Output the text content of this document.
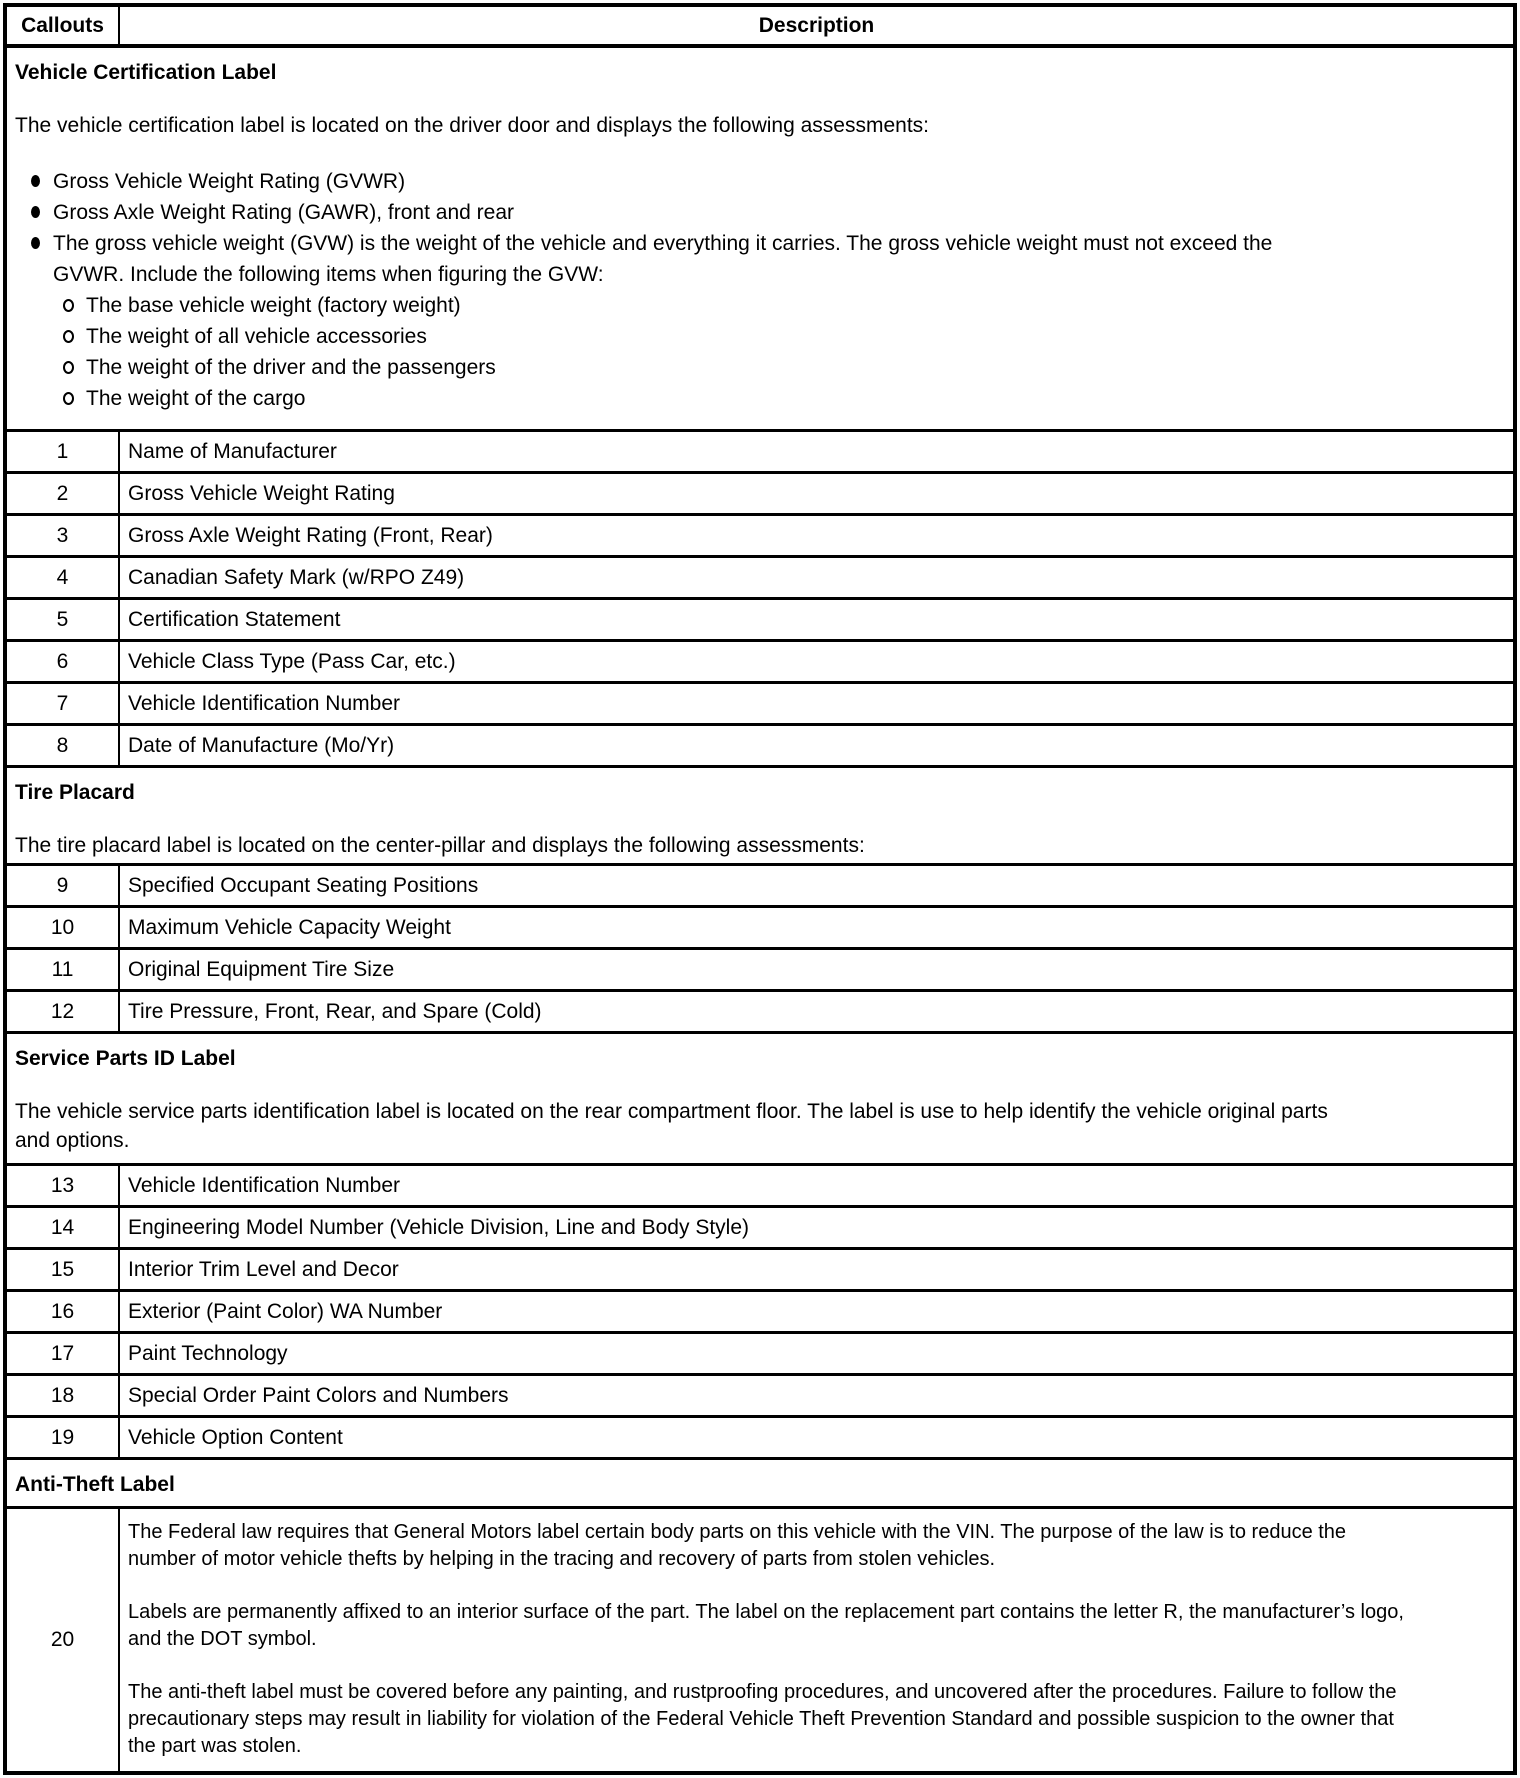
Callouts	Description
Vehicle Certification Label
The vehicle certification label is located on the driver door and displays the following assessments:
Gross Vehicle Weight Rating (GVWR)
Gross Axle Weight Rating (GAWR), front and rear
The gross vehicle weight (GVW) is the weight of the vehicle and everything it carries. The gross vehicle weight must not exceed the GVWR. Include the following items when figuring the GVW:
The base vehicle weight (factory weight)
The weight of all vehicle accessories
The weight of the driver and the passengers
The weight of the cargo
1	Name of Manufacturer
2	Gross Vehicle Weight Rating
3	Gross Axle Weight Rating (Front, Rear)
4	Canadian Safety Mark (w/RPO Z49)
5	Certification Statement
6	Vehicle Class Type (Pass Car, etc.)
7	Vehicle Identification Number
8	Date of Manufacture (Mo/Yr)
Tire Placard
The tire placard label is located on the center-pillar and displays the following assessments:
9	Specified Occupant Seating Positions
10	Maximum Vehicle Capacity Weight
11	Original Equipment Tire Size
12	Tire Pressure, Front, Rear, and Spare (Cold)
Service Parts ID Label
The vehicle service parts identification label is located on the rear compartment floor. The label is use to help identify the vehicle original parts and options.
13	Vehicle Identification Number
14	Engineering Model Number (Vehicle Division, Line and Body Style)
15	Interior Trim Level and Decor
16	Exterior (Paint Color) WA Number
17	Paint Technology
18	Special Order Paint Colors and Numbers
19	Vehicle Option Content
Anti-Theft Label
20

The Federal law requires that General Motors label certain body parts on this vehicle with the VIN. The purpose of the law is to reduce the number of motor vehicle thefts by helping in the tracing and recovery of parts from stolen vehicles.

Labels are permanently affixed to an interior surface of the part. The label on the replacement part contains the letter R, the manufacturer’s logo, and the DOT symbol.

The anti-theft label must be covered before any painting, and rustproofing procedures, and uncovered after the procedures. Failure to follow the precautionary steps may result in liability for violation of the Federal Vehicle Theft Prevention Standard and possible suspicion to the owner that the part was stolen.
